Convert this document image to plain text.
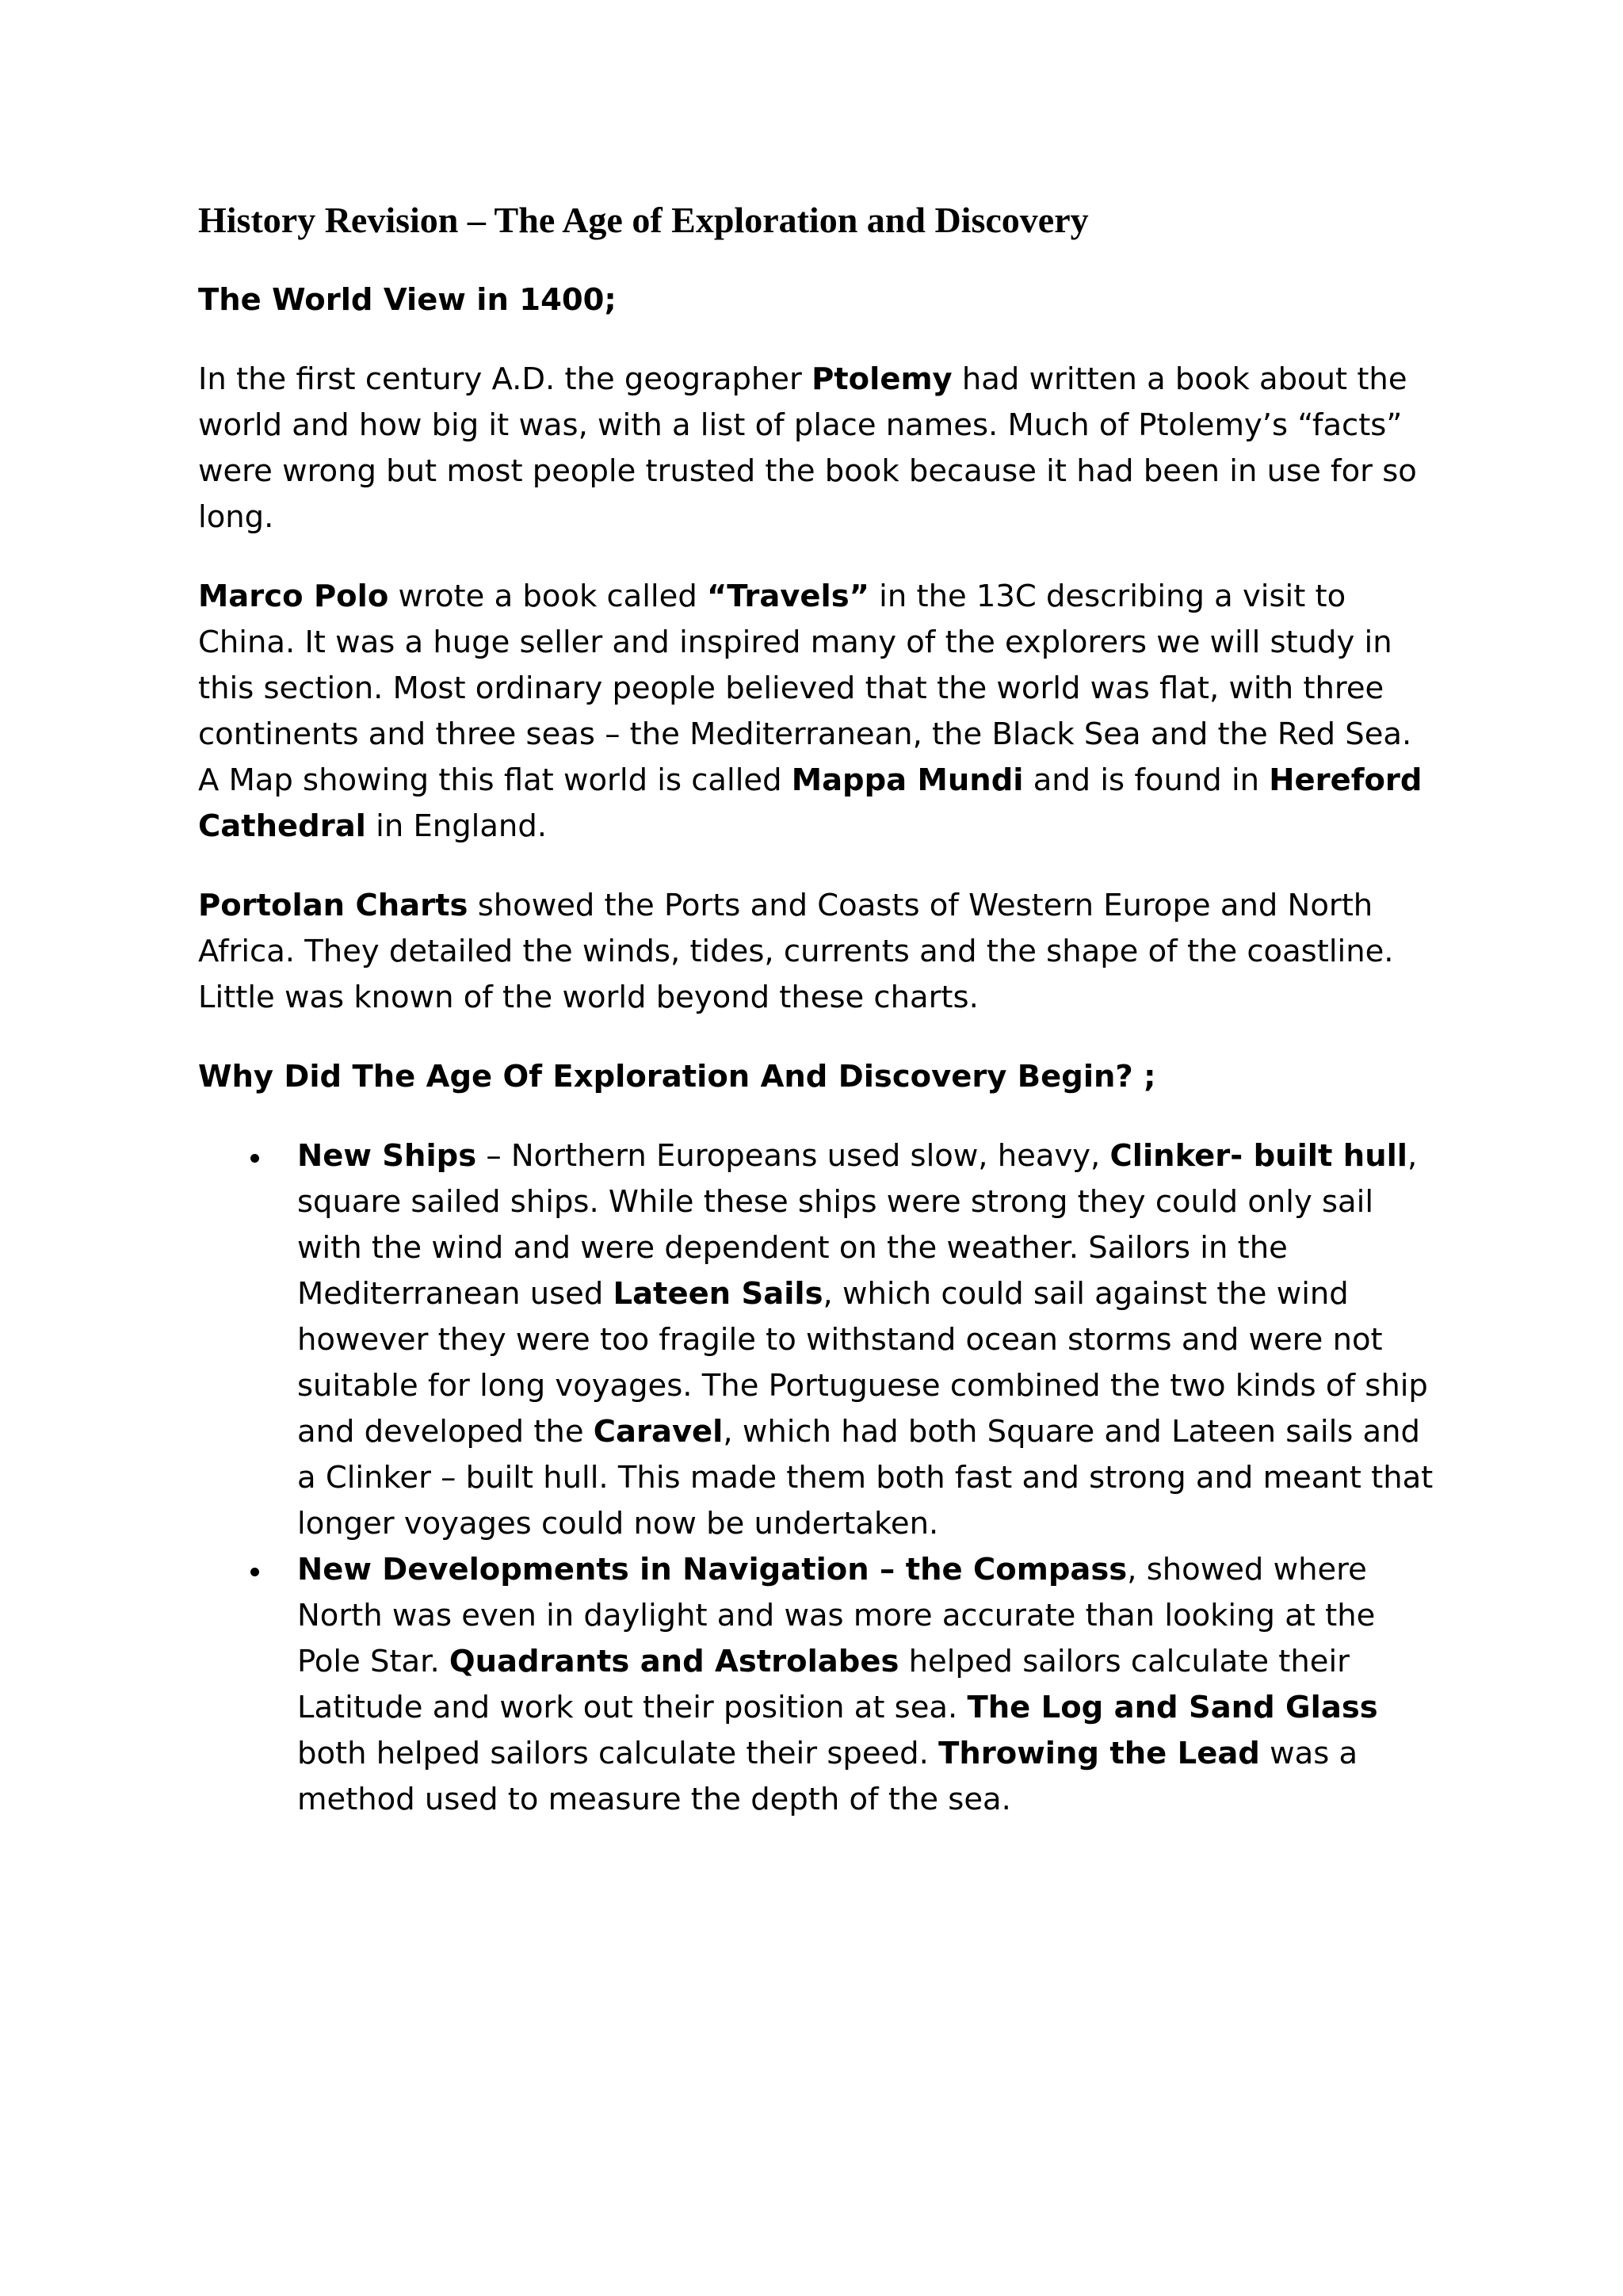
History Revision – The Age of Exploration and Discovery
The World View in 1400;
In the first century A.D. the geographer Ptolemy had written a book about the world and how big it was, with a list of place names. Much of Ptolemy’s “facts” were wrong but most people trusted the book because it had been in use for so long.
Marco Polo wrote a book called “Travels” in the 13C describing a visit to China. It was a huge seller and inspired many of the explorers we will study in this section. Most ordinary people believed that the world was flat, with three continents and three seas – the Mediterranean, the Black Sea and the Red Sea. A Map showing this flat world is called Mappa Mundi and is found in Hereford Cathedral in England.
Portolan Charts showed the Ports and Coasts of Western Europe and North Africa. They detailed the winds, tides, currents and the shape of the coastline. Little was known of the world beyond these charts.
Why Did The Age Of Exploration And Discovery Begin? ;
New Ships – Northern Europeans used slow, heavy, Clinker- built hull, square sailed ships. While these ships were strong they could only sail with the wind and were dependent on the weather. Sailors in the Mediterranean used Lateen Sails, which could sail against the wind however they were too fragile to withstand ocean storms and were not suitable for long voyages. The Portuguese combined the two kinds of ship and developed the Caravel, which had both Square and Lateen sails and a Clinker – built hull. This made them both fast and strong and meant that longer voyages could now be undertaken.
New Developments in Navigation – the Compass, showed where North was even in daylight and was more accurate than looking at the Pole Star. Quadrants and Astrolabes helped sailors calculate their Latitude and work out their position at sea. The Log and Sand Glass both helped sailors calculate their speed. Throwing the Lead was a method used to measure the depth of the sea.
